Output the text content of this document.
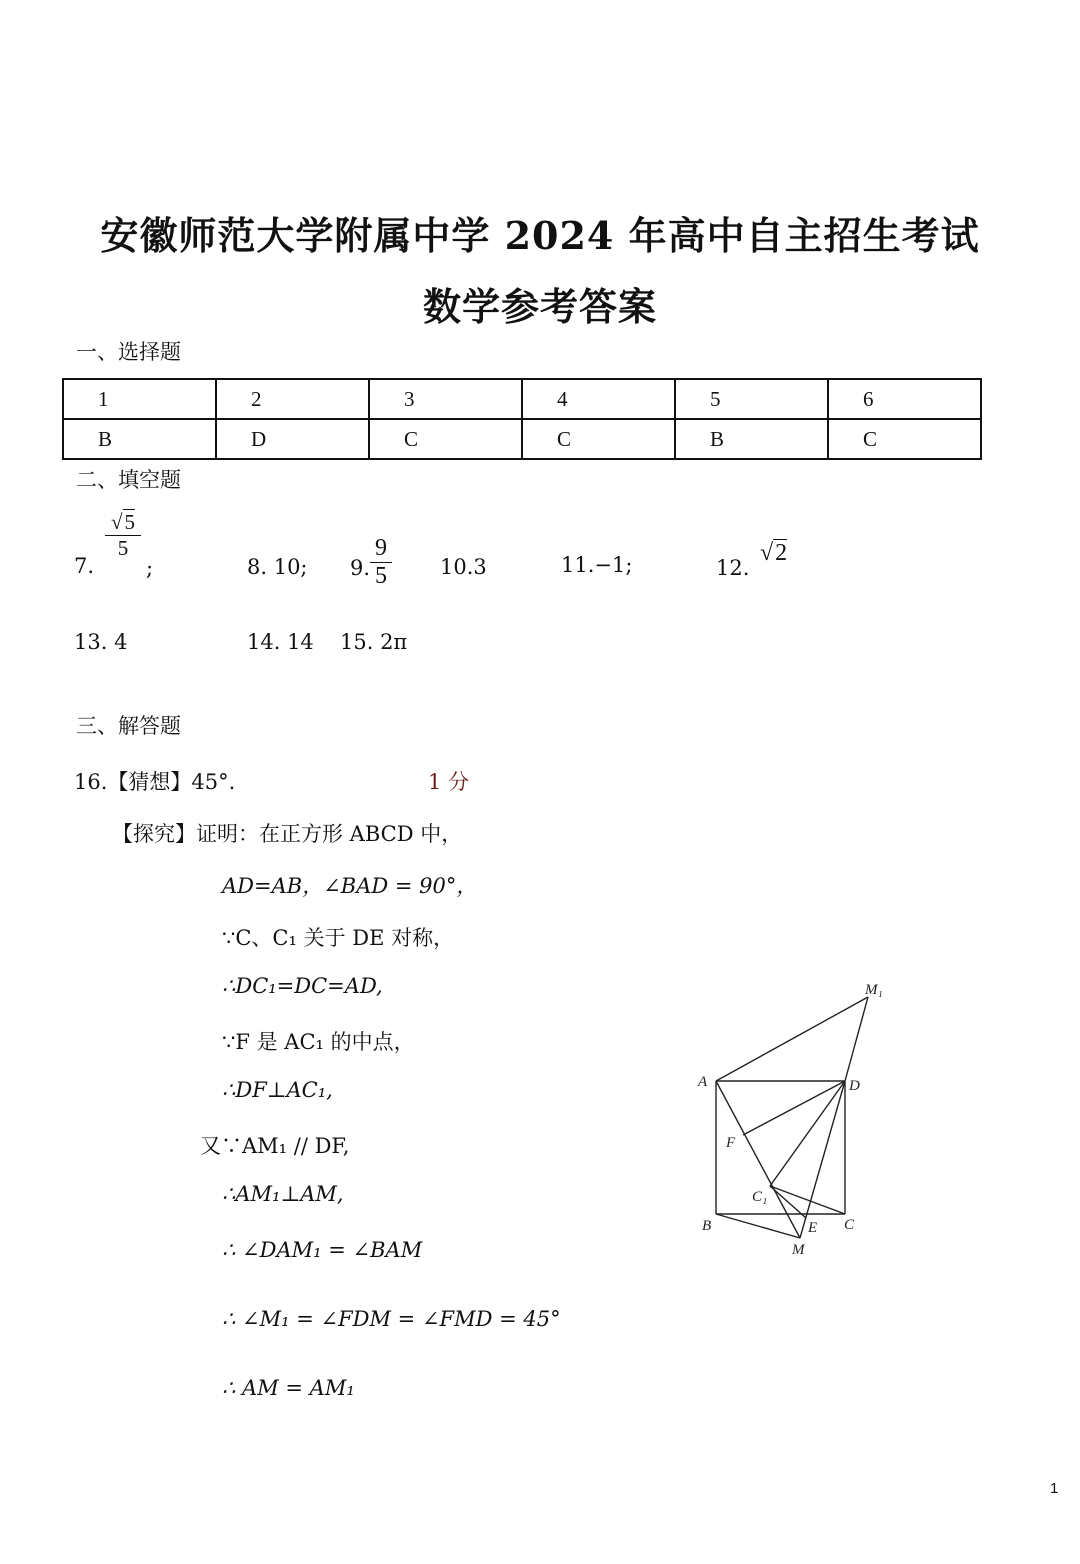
安徽师范大学附属中学 2024 年高中自主招生考试
数学参考答案
一、选择题
1	2	3	4	5	6
B	D	C	C	B	C
二、填空题
7.
$\frac{√5}{5}$
;	8. 10; 9. $\frac{9}{5} 10.3$	11.−1;	12.
√2
13. 4	14. 14 15. 2π
三、解答题
16.【猜想】45°.	1 分
【探究】证明：在正方形 ABCD 中，
AD=AB，∠BAD = 90°，
∵C、C₁ 关于 DE 对称，
∴DC₁=DC=AD,
∵F 是 AC₁ 的中点，
∴DF⊥AC₁,
又∵AM₁ // DF,
∴AM₁⊥AM,
∴ ∠DAM₁ = ∠BAM
∴ ∠M₁ = ∠FDM = ∠FMD = 45°
∴ AM = AM₁
A	D
M₁
F
C₁
B	E C
M
1
